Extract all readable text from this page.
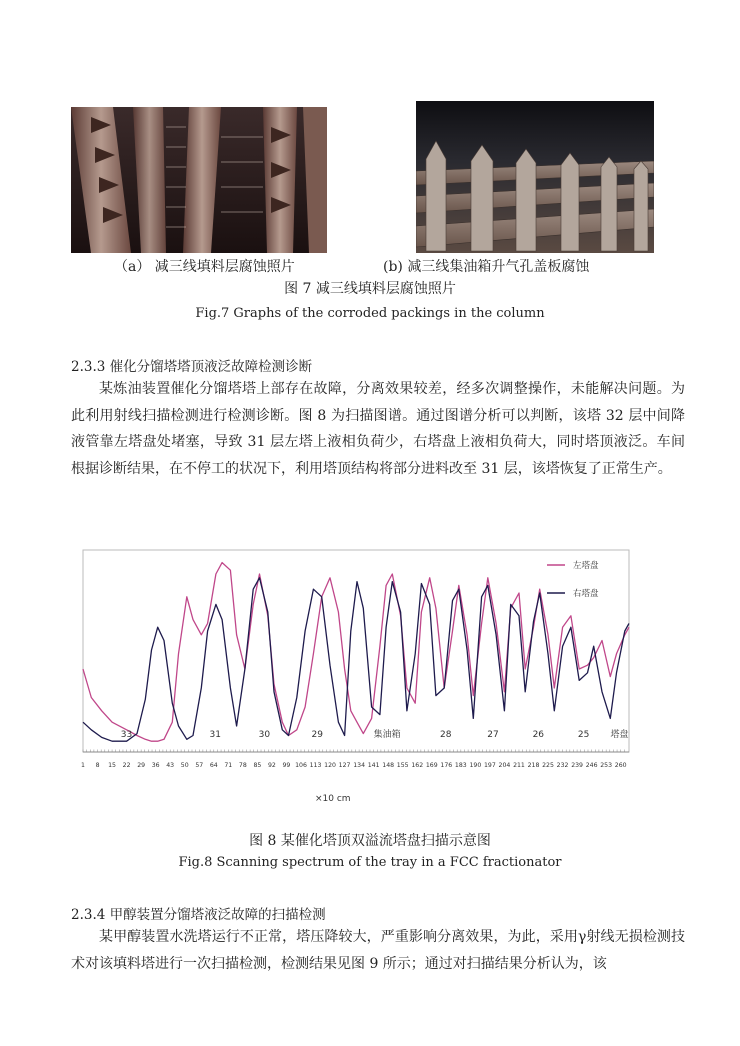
（a） 减三线填料层腐蚀照片	(b) 减三线集油箱升气孔盖板腐蚀
图 7 减三线填料层腐蚀照片
Fig.7 Graphs of the corroded packings in the column
2.3.3 催化分馏塔塔顶液泛故障检测诊断

某炼油装置催化分馏塔塔上部存在故障，分离效果较差，经多次调整操作，未能解决问题。为此利用射线扫描检测进行检测诊断。图 8 为扫描图谱。通过图谱分析可以判断，该塔 32 层中间降液管靠左塔盘处堵塞，导致 31 层左塔上液相负荷少，右塔盘上液相负荷大，同时塔顶液泛。车间根据诊断结果，在不停工的状况下，利用塔顶结构将部分进料改至 31 层，该塔恢复了正常生产。

1 8 15 22 29 36 43 50 57 64 71 78 85 92 99 106 113 120 127 134 141 148 155 162 169 176 183 190 197 204 211 218 225 232 239 246 253 260
33	31	30	29	集油箱	28	27	26	25 塔盘
左塔盘
右塔盘
×10 cm
图 8 某催化塔顶双溢流塔盘扫描示意图
Fig.8 Scanning spectrum of the tray in a FCC fractionator
2.3.4 甲醇装置分馏塔液泛故障的扫描检测

某甲醇装置水洗塔运行不正常，塔压降较大，严重影响分离效果，为此，采用γ射线无损检测技术对该填料塔进行一次扫描检测，检测结果见图 9 所示；通过对扫描结果分析认为，该
